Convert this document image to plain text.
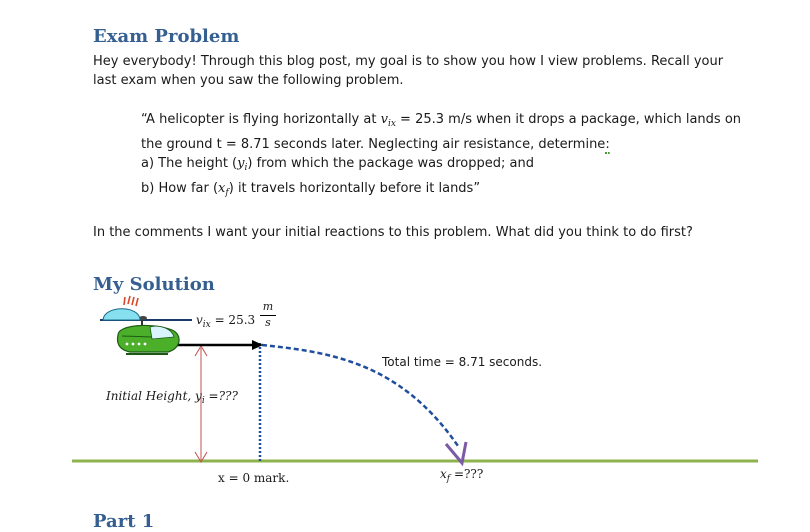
Exam Problem
Hey everybody! Through this blog post, my goal is to show you how I view problems. Recall your
last exam when you saw the following problem.
“A helicopter is flying horizontally at $v_{ix} = 25.3$ m/s when it drops a package, which lands on
the ground t = 8.71 seconds later. Neglecting air resistance, determine:
a) The height $(y_i)$ from which the package was dropped; and
b) How far $(x_f)$ it travels horizontally before it lands”
In the comments I want your initial reactions to this problem. What did you think to do first?
My Solution
$v_{ix} = 25.3 \frac{m}{s}$
Total time = 8.71 seconds.
Initial Height, $y_i$ =???
x = 0 mark.	$x_f$ =???
Part 1
